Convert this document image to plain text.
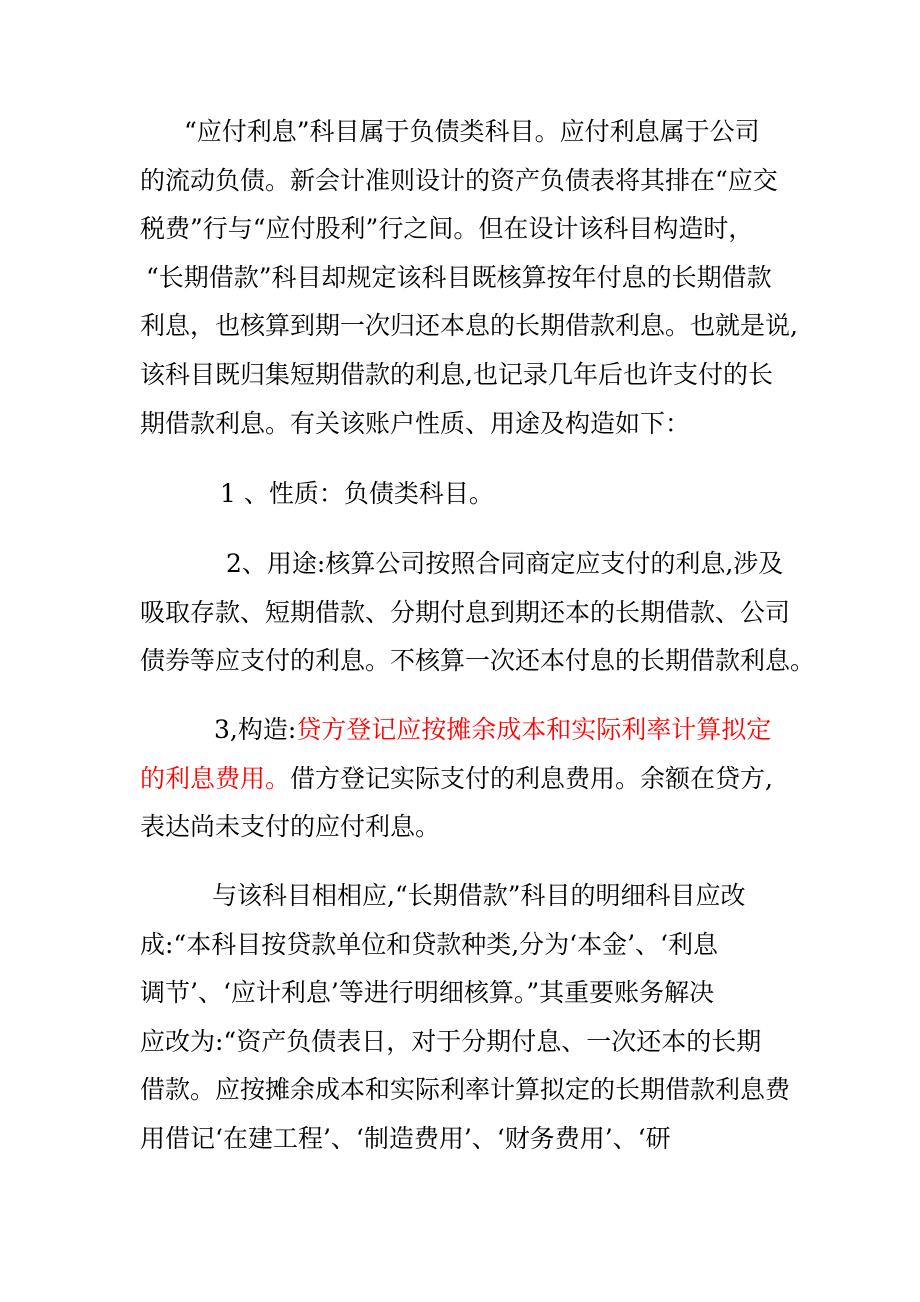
“应付利息”科目属于负债类科目。应付利息属于公司
的流动负债。新会计准则设计的资产负债表将其排在“应交
税费”行与“应付股利”行之间。但在设计该科目构造时，
“长期借款”科目却规定该科目既核算按年付息的长期借款
利息，也核算到期一次归还本息的长期借款利息。也就是说,
该科目既归集短期借款的利息,也记录几年后也许支付的长
期借款利息。有关该账户性质、用途及构造如下：
1 、性质：负债类科目。
2、用途:核算公司按照合同商定应支付的利息,涉及
吸取存款、短期借款、分期付息到期还本的长期借款、公司
债券等应支付的利息。不核算一次还本付息的长期借款利息。
3,构造:贷方登记应按摊余成本和实际利率计算拟定
的利息费用。借方登记实际支付的利息费用。余额在贷方,
表达尚未支付的应付利息。
与该科目相相应,“长期借款”科目的明细科目应改
成:“本科目按贷款单位和贷款种类,分为‘本金’、‘利息
调节’、‘应计利息’等进行明细核算。”其重要账务解决
应改为:“资产负债表日，对于分期付息、一次还本的长期
借款。应按摊余成本和实际利率计算拟定的长期借款利息费
用借记‘在建工程’、‘制造费用’、‘财务费用’、‘研
